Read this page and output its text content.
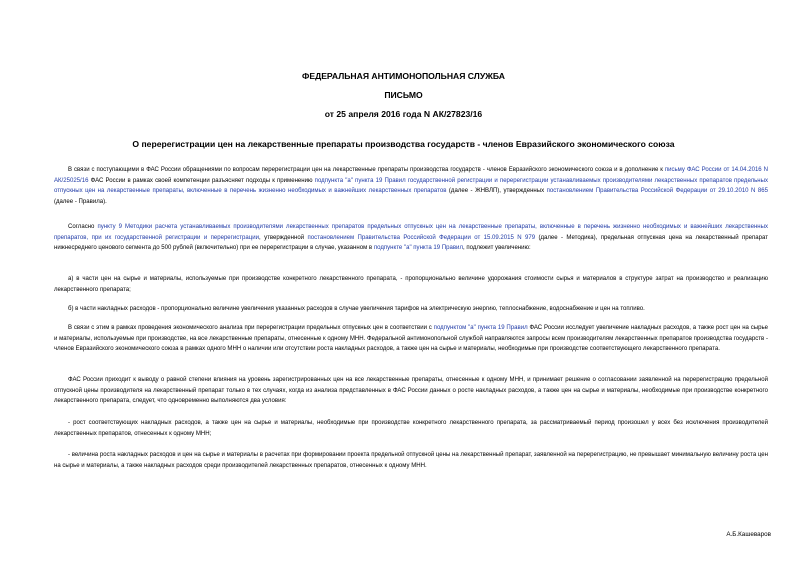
ФЕДЕРАЛЬНАЯ АНТИМОНОПОЛЬНАЯ СЛУЖБА
ПИСЬМО
от 25 апреля 2016 года N АК/27823/16
О перерегистрации цен на лекарственные препараты производства государств - членов Евразийского экономического союза
В связи с поступающими в ФАС России обращениями по вопросам перерегистрации цен на лекарственные препараты производства государств - членов Евразийского экономического союза и в дополнение к письму ФАС России от 14.04.2016 N АК/25025/16 ФАС России в рамках своей компетенции разъясняет подходы к применению подпункта "а" пункта 19 Правил государственной регистрации и перерегистрации устанавливаемых производителями лекарственных препаратов предельных отпускных цен на лекарственные препараты, включенные в перечень жизненно необходимых и важнейших лекарственных препаратов (далее - ЖНВЛП), утвержденных постановлением Правительства Российской Федерации от 29.10.2010 N 865 (далее - Правила).
Согласно пункту 9 Методики расчета устанавливаемых производителями лекарственных препаратов предельных отпускных цен на лекарственные препараты, включенные в перечень жизненно необходимых и важнейших лекарственных препаратов, при их государственной регистрации и перерегистрации, утвержденной постановлением Правительства Российской Федерации от 15.09.2015 N 979 (далее - Методика), предельная отпускная цена на лекарственный препарат нижнесреднего ценового сегмента до 500 рублей (включительно) при ее перерегистрации в случае, указанном в подпункте "а" пункта 19 Правил, подлежит увеличению:
а) в части цен на сырье и материалы, используемые при производстве конкретного лекарственного препарата, - пропорционально величине удорожания стоимости сырья и материалов в структуре затрат на производство и реализацию лекарственного препарата;
б) в части накладных расходов - пропорционально величине увеличения указанных расходов в случае увеличения тарифов на электрическую энергию, теплоснабжение, водоснабжение и цен на топливо.
В связи с этим в рамках проведения экономического анализа при перерегистрации предельных отпускных цен в соответствии с подпунктом "а" пункта 19 Правил ФАС России исследует увеличение накладных расходов, а также рост цен на сырье и материалы, используемые при производстве, на все лекарственные препараты, отнесенные к одному МНН. Федеральной антимонопольной службой направляются запросы всем производителям лекарственных препаратов производства государств - членов Евразийского экономического союза в рамках одного МНН о наличии или отсутствии роста накладных расходов, а также цен на сырье и материалы, необходимые при производстве соответствующего лекарственного препарата.
ФАС России приходит к выводу о равной степени влияния на уровень зарегистрированных цен на все лекарственные препараты, отнесенные к одному МНН, и принимает решение о согласовании заявленной на перерегистрацию предельной отпускной цены производителя на лекарственный препарат только в тех случаях, когда из анализа представленных в ФАС России данных о росте накладных расходов, а также цен на сырье и материалы, необходимые при производстве конкретного лекарственного препарата, следует, что одновременно выполняются два условия:
- рост соответствующих накладных расходов, а также цен на сырье и материалы, необходимые при производстве конкретного лекарственного препарата, за рассматриваемый период произошел у всех без исключения производителей лекарственных препаратов, отнесенных к одному МНН;
- величина роста накладных расходов и цен на сырье и материалы в расчетах при формировании проекта предельной отпускной цены на лекарственный препарат, заявленной на перерегистрацию, не превышает минимальную величину роста цен на сырье и материалы, а также накладных расходов среди производителей лекарственных препаратов, отнесенных к одному МНН.
А.Б.Кашеваров
